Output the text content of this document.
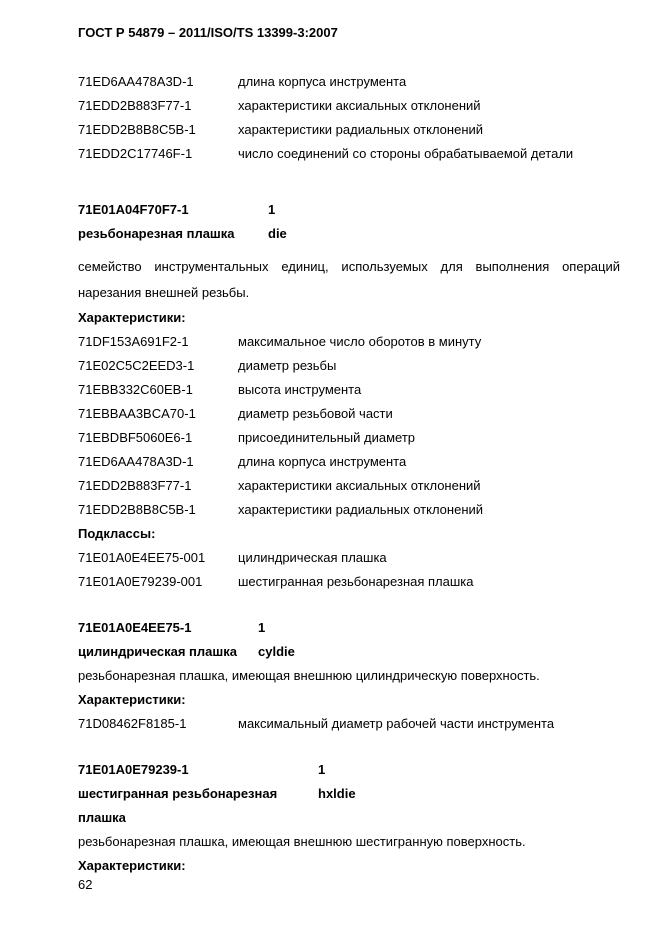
ГОСТ Р 54879 – 2011/ISO/TS 13399-3:2007
71ED6AA478A3D-1	длина корпуса инструмента
71EDD2B883F77-1	характеристики аксиальных отклонений
71EDD2B8B8C5B-1	характеристики радиальных отклонений
71EDD2C17746F-1	число соединений со стороны обрабатываемой детали
71E01A04F70F7-1	1
резьбонарезная плашка	die

семейство инструментальных единиц, используемых для выполнения операций нарезания внешней резьбы.

Характеристики:
71DF153A691F2-1	максимальное число оборотов в минуту
71E02C5C2EED3-1	диаметр резьбы
71EBB332C60EB-1	высота инструмента
71EBBAA3BCA70-1	диаметр резьбовой части
71EBDBF5060E6-1	присоединительный диаметр
71ED6AA478A3D-1	длина корпуса инструмента
71EDD2B883F77-1	характеристики аксиальных отклонений
71EDD2B8B8C5B-1	характеристики радиальных отклонений
Подклассы:
71E01A0E4EE75-001	цилиндрическая плашка
71E01A0E79239-001	шестигранная резьбонарезная плашка
71E01A0E4EE75-1	1
цилиндрическая плашка	cyldie
резьбонарезная плашка, имеющая внешнюю цилиндрическую поверхность.
Характеристики:
71D08462F8185-1	максимальный диаметр рабочей части инструмента
71E01A0E79239-1	1
шестигранная резьбонарезная	hxldie
плашка
резьбонарезная плашка, имеющая внешнюю шестигранную поверхность.
Характеристики:
62
